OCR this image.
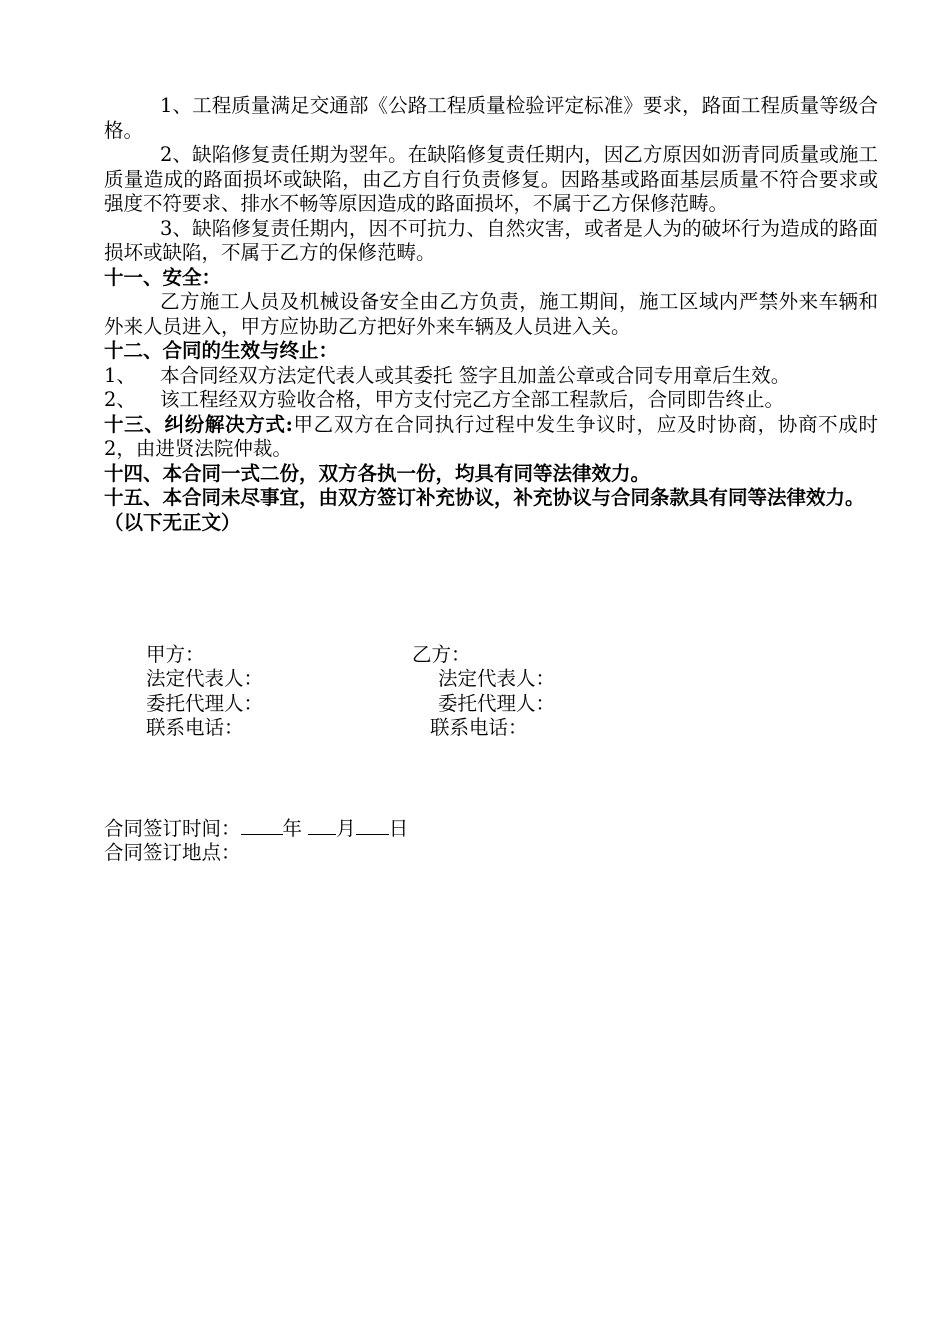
1、工程质量满足交通部《公路工程质量检验评定标准》要求，路面工程质量等级合格。

2、缺陷修复责任期为翌年。在缺陷修复责任期内，因乙方原因如沥青同质量或施工质量造成的路面损坏或缺陷，由乙方自行负责修复。因路基或路面基层质量不符合要求或强度不符要求、排水不畅等原因造成的路面损坏，不属于乙方保修范畴。

3、缺陷修复责任期内，因不可抗力、自然灾害，或者是人为的破坏行为造成的路面损坏或缺陷，不属于乙方的保修范畴。

十一、安全：

乙方施工人员及机械设备安全由乙方负责，施工期间，施工区域内严禁外来车辆和外来人员进入，甲方应协助乙方把好外来车辆及人员进入关。

十二、合同的生效与终止：

1、	本合同经双方法定代表人或其委托 签字且加盖公章或合同专用章后生效。
2、	该工程经双方验收合格，甲方支付完乙方全部工程款后，合同即告终止。

十三、纠纷解决方式:甲乙双方在合同执行过程中发生争议时，应及时协商，协商不成时2，由进贤法院仲裁。

十四、本合同一式二份，双方各执一份，均具有同等法律效力。

十五、本合同未尽事宜，由双方签订补充协议，补充协议与合同条款具有同等法律效力。

（以下无正文）

甲方：	乙方：
法定代表人：	法定代表人：
委托代理人：	委托代理人：
联系电话：	联系电话：
合同签订时间： 年 月 日
合同签订地点：
